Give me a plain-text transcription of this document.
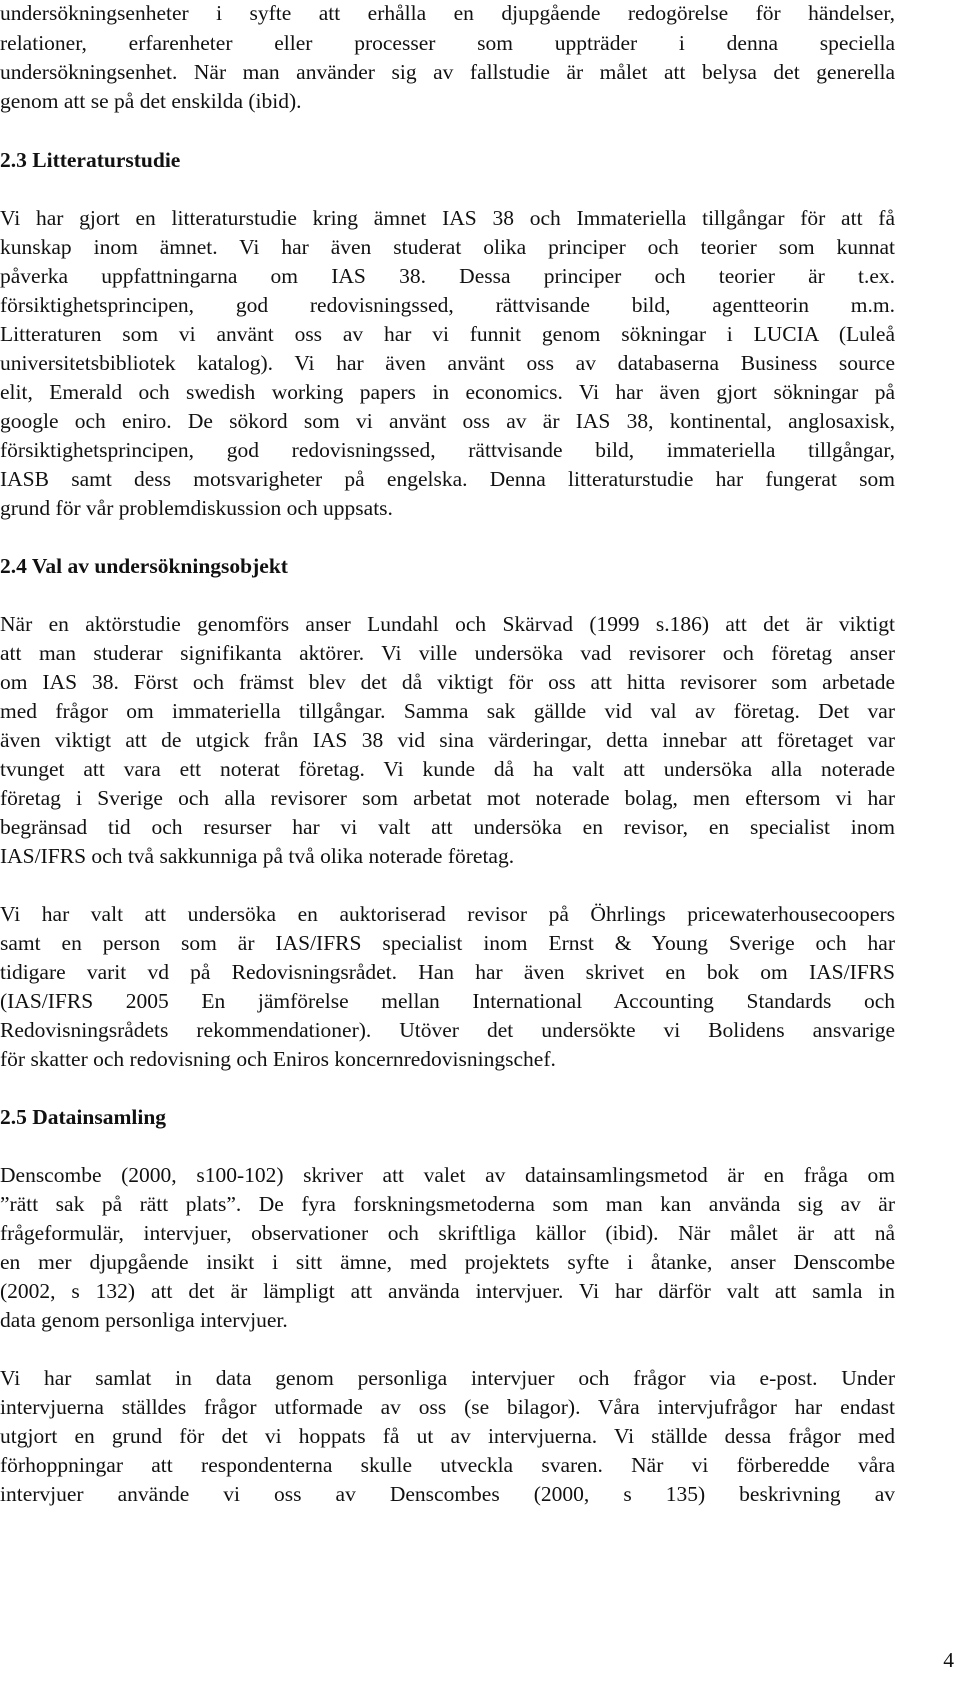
undersökningsenheter i syfte att erhålla en djupgående redogörelse för händelser,
relationer, erfarenheter eller processer som uppträder i denna speciella
undersökningsenhet. När man använder sig av fallstudie är målet att belysa det generella
genom att se på det enskilda (ibid).
2.3 Litteraturstudie
Vi har gjort en litteraturstudie kring ämnet IAS 38 och Immateriella tillgångar för att få
kunskap inom ämnet. Vi har även studerat olika principer och teorier som kunnat
påverka uppfattningarna om IAS 38. Dessa principer och teorier är t.ex.
försiktighetsprincipen, god redovisningssed, rättvisande bild, agentteorin m.m.
Litteraturen som vi använt oss av har vi funnit genom sökningar i LUCIA (Luleå
universitetsbibliotek katalog). Vi har även använt oss av databaserna Business source
elit, Emerald och swedish working papers in economics. Vi har även gjort sökningar på
google och eniro. De sökord som vi använt oss av är IAS 38, kontinental, anglosaxisk,
försiktighetsprincipen, god redovisningssed, rättvisande bild, immateriella tillgångar,
IASB samt dess motsvarigheter på engelska. Denna litteraturstudie har fungerat som
grund för vår problemdiskussion och uppsats.
2.4 Val av undersökningsobjekt
När en aktörstudie genomförs anser Lundahl och Skärvad (1999 s.186) att det är viktigt
att man studerar signifikanta aktörer. Vi ville undersöka vad revisorer och företag anser
om IAS 38. Först och främst blev det då viktigt för oss att hitta revisorer som arbetade
med frågor om immateriella tillgångar. Samma sak gällde vid val av företag. Det var
även viktigt att de utgick från IAS 38 vid sina värderingar, detta innebar att företaget var
tvunget att vara ett noterat företag. Vi kunde då ha valt att undersöka alla noterade
företag i Sverige och alla revisorer som arbetat mot noterade bolag, men eftersom vi har
begränsad tid och resurser har vi valt att undersöka en revisor, en specialist inom
IAS/IFRS och två sakkunniga på två olika noterade företag.
Vi har valt att undersöka en auktoriserad revisor på Öhrlings pricewaterhousecoopers
samt en person som är IAS/IFRS specialist inom Ernst & Young Sverige och har
tidigare varit vd på Redovisningsrådet. Han har även skrivet en bok om IAS/IFRS
(IAS/IFRS 2005 En jämförelse mellan International Accounting Standards och
Redovisningsrådets rekommendationer). Utöver det undersökte vi Bolidens ansvarige
för skatter och redovisning och Eniros koncernredovisningschef.
2.5 Datainsamling
Denscombe (2000, s100-102) skriver att valet av datainsamlingsmetod är en fråga om
”rätt sak på rätt plats”. De fyra forskningsmetoderna som man kan använda sig av är
frågeformulär, intervjuer, observationer och skriftliga källor (ibid). När målet är att nå
en mer djupgående insikt i sitt ämne, med projektets syfte i åtanke, anser Denscombe
(2002, s 132) att det är lämpligt att använda intervjuer. Vi har därför valt att samla in
data genom personliga intervjuer.
Vi har samlat in data genom personliga intervjuer och frågor via e-post. Under
intervjuerna ställdes frågor utformade av oss (se bilagor). Våra intervjufrågor har endast
utgjort en grund för det vi hoppats få ut av intervjuerna. Vi ställde dessa frågor med
förhoppningar att respondenterna skulle utveckla svaren. När vi förberedde våra
intervjuer använde vi oss av Denscombes (2000, s 135) beskrivning av
4
